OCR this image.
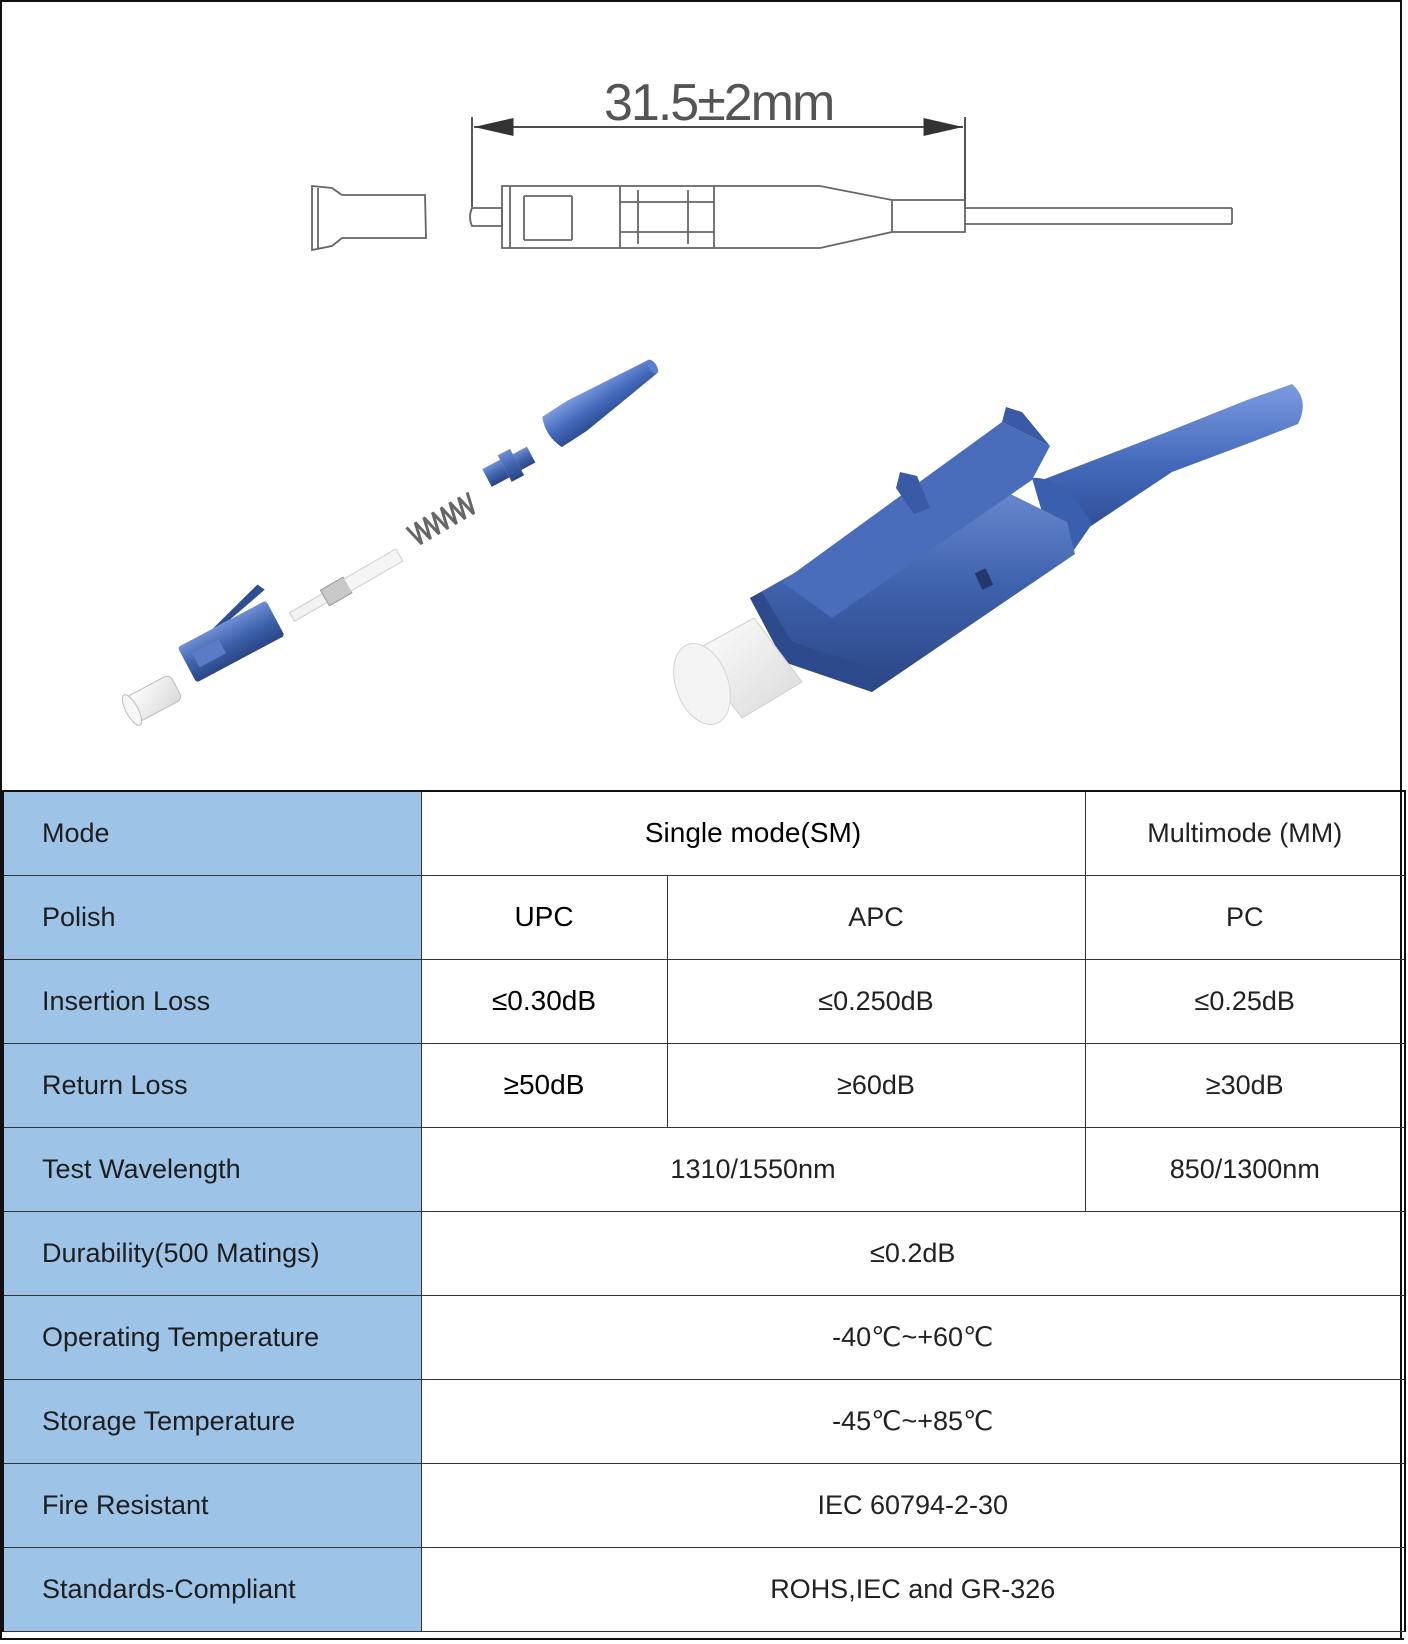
31.5±2mm
Mode	Single mode(SM)		Multimode (MM)
Polish	UPC	APC	PC
Insertion Loss	≤0.30dB	≤0.250dB	≤0.25dB
Return Loss	≥50dB	≥60dB	≥30dB
Test Wavelength	1310/1550nm		850/1300nm
Durability(500 Matings)	≤0.2dB		
Operating Temperature	-40℃~+60℃		
Storage Temperature	-45℃~+85℃		
Fire Resistant	IEC 60794-2-30		
Standards-Compliant	ROHS,IEC and GR-326		
